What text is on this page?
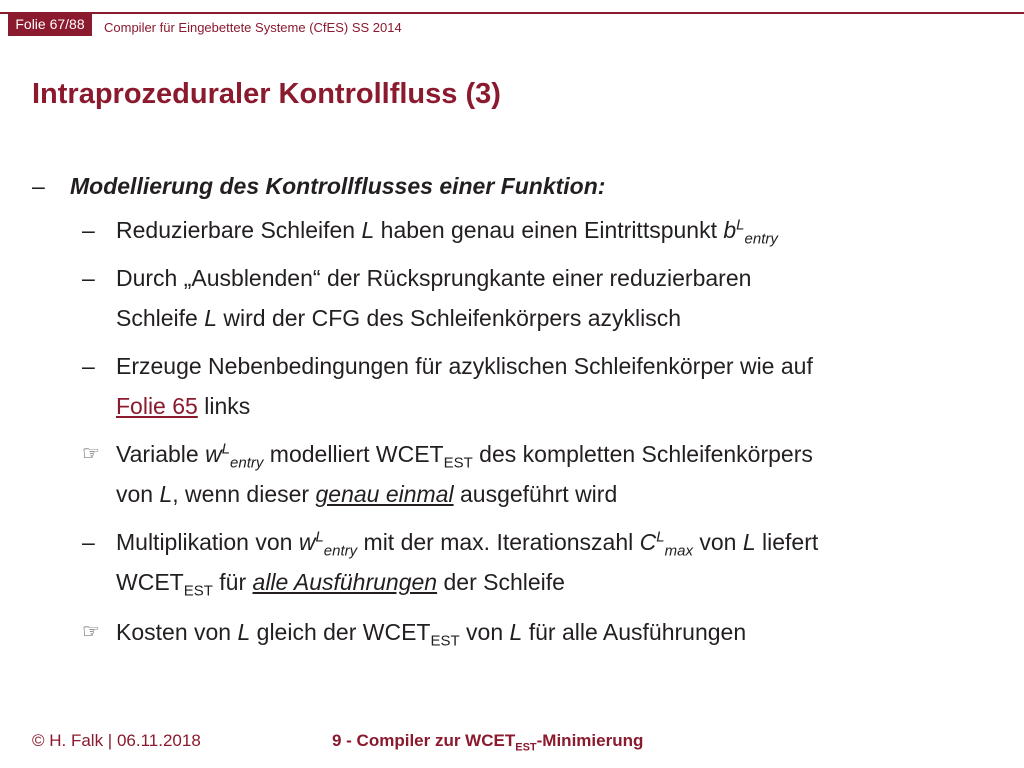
Folie 67/88	Compiler für Eingebettete Systeme (CfES) SS 2014
Intraprozeduraler Kontrollfluss (3)
–	Modellierung des Kontrollflusses einer Funktion:
– Reduzierbare Schleifen L haben genau einen Eintrittspunkt $b^L_{entry}$
– Durch „Ausblenden“ der Rücksprungkante einer reduzierbaren
Schleife L wird der CFG des Schleifenkörpers azyklisch
– Erzeuge Nebenbedingungen für azyklischen Schleifenkörper wie auf
Folie 65 links
☞ Variable $w^L_{entry}$ modelliert $WCET_{EST}$ des kompletten Schleifenkörpers
von L, wenn dieser genau einmal ausgeführt wird
– Multiplikation von $w^L_{entry}$ mit der max. Iterationszahl $C^L_{max}$ von L liefert
$WCET_{EST}$ für alle Ausführungen der Schleife
☞ Kosten von L gleich der $WCET_{EST}$ von L für alle Ausführungen
© H. Falk | 06.11.2018	9 - Compiler zur $WCET_{EST}$-Minimierung
